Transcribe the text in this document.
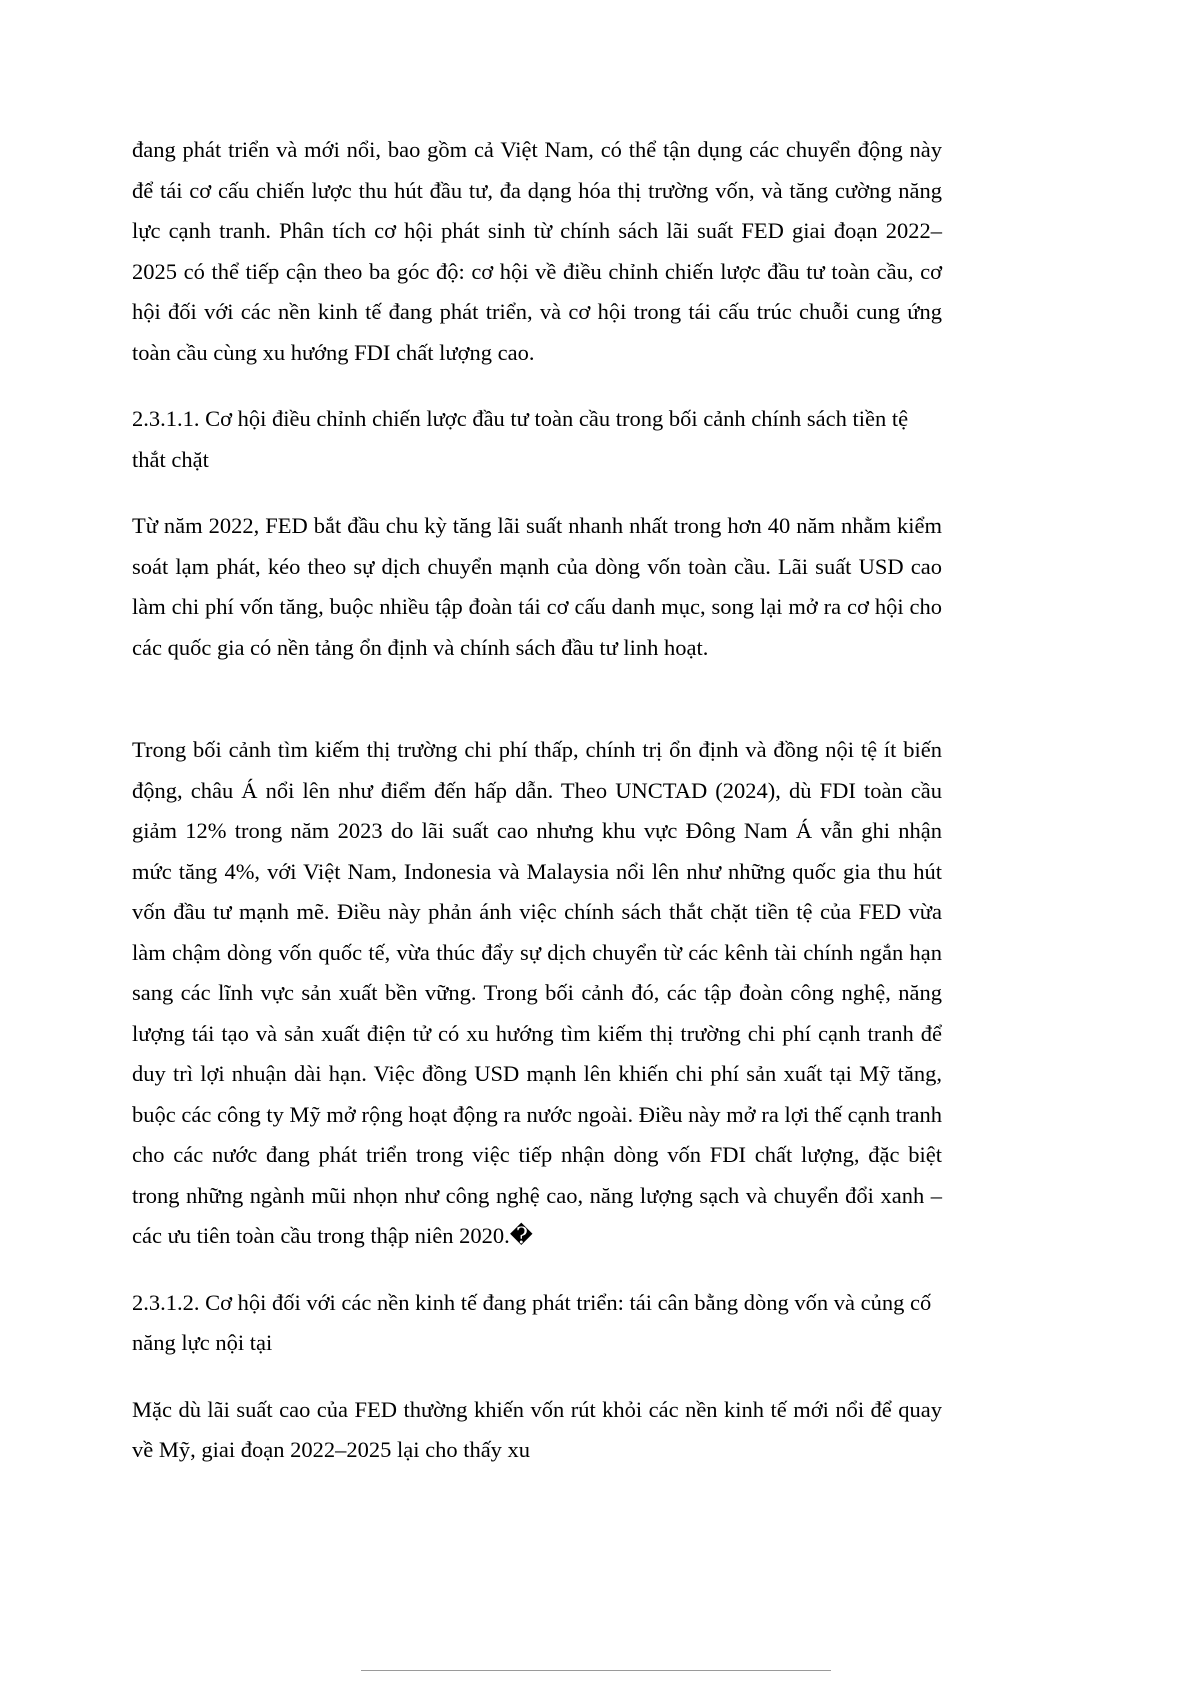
đang phát triển và mới nổi, bao gồm cả Việt Nam, có thể tận dụng các chuyển động này để tái cơ cấu chiến lược thu hút đầu tư, đa dạng hóa thị trường vốn, và tăng cường năng lực cạnh tranh. Phân tích cơ hội phát sinh từ chính sách lãi suất FED giai đoạn 2022–2025 có thể tiếp cận theo ba góc độ: cơ hội về điều chỉnh chiến lược đầu tư toàn cầu, cơ hội đối với các nền kinh tế đang phát triển, và cơ hội trong tái cấu trúc chuỗi cung ứng toàn cầu cùng xu hướng FDI chất lượng cao.

2.3.1.1. Cơ hội điều chỉnh chiến lược đầu tư toàn cầu trong bối cảnh chính sách tiền tệ thắt chặt

Từ năm 2022, FED bắt đầu chu kỳ tăng lãi suất nhanh nhất trong hơn 40 năm nhằm kiểm soát lạm phát, kéo theo sự dịch chuyển mạnh của dòng vốn toàn cầu. Lãi suất USD cao làm chi phí vốn tăng, buộc nhiều tập đoàn tái cơ cấu danh mục, song lại mở ra cơ hội cho các quốc gia có nền tảng ổn định và chính sách đầu tư linh hoạt.

Trong bối cảnh tìm kiếm thị trường chi phí thấp, chính trị ổn định và đồng nội tệ ít biến động, châu Á nổi lên như điểm đến hấp dẫn. Theo UNCTAD (2024), dù FDI toàn cầu giảm 12% trong năm 2023 do lãi suất cao nhưng khu vực Đông Nam Á vẫn ghi nhận mức tăng 4%, với Việt Nam, Indonesia và Malaysia nổi lên như những quốc gia thu hút vốn đầu tư mạnh mẽ. Điều này phản ánh việc chính sách thắt chặt tiền tệ của FED vừa làm chậm dòng vốn quốc tế, vừa thúc đẩy sự dịch chuyển từ các kênh tài chính ngắn hạn sang các lĩnh vực sản xuất bền vững. Trong bối cảnh đó, các tập đoàn công nghệ, năng lượng tái tạo và sản xuất điện tử có xu hướng tìm kiếm thị trường chi phí cạnh tranh để duy trì lợi nhuận dài hạn. Việc đồng USD mạnh lên khiến chi phí sản xuất tại Mỹ tăng, buộc các công ty Mỹ mở rộng hoạt động ra nước ngoài. Điều này mở ra lợi thế cạnh tranh cho các nước đang phát triển trong việc tiếp nhận dòng vốn FDI chất lượng, đặc biệt trong những ngành mũi nhọn như công nghệ cao, năng lượng sạch và chuyển đổi xanh – các ưu tiên toàn cầu trong thập niên 2020.�

2.3.1.2. Cơ hội đối với các nền kinh tế đang phát triển: tái cân bằng dòng vốn và củng cố năng lực nội tại

Mặc dù lãi suất cao của FED thường khiến vốn rút khỏi các nền kinh tế mới nổi để quay về Mỹ, giai đoạn 2022–2025 lại cho thấy xu
